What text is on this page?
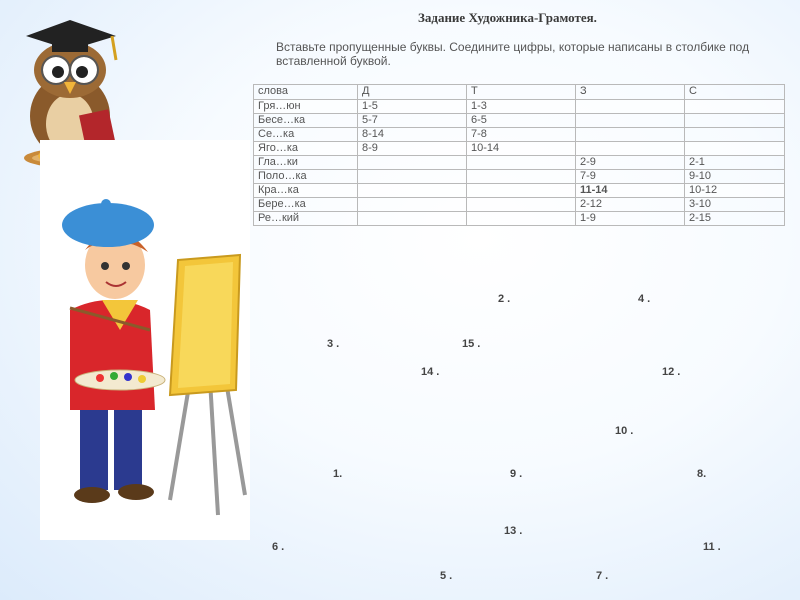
Задание Художника-Грамотея.

Вставьте пропущенные буквы. Соедините цифры, которые написаны в столбике под вставленной буквой.

слова	Д	Т	З	С
Гря…юн	1-5	1-3		
Бесе…ка	5-7	6-5		
Се…ка	8-14	7-8		
Яго…ка	8-9	10-14		
Гла…ки			2-9	2-1
Поло…ка			7-9	9-10
Кра…ка			11-14	10-12
Бере…ка			2-12	3-10
Ре…кий			1-9	2-15
2 .	4 .
3 .	15 .
14 .	12 .
10 .
1.	9 .	8.
13 .
6 .	11 .
5 .	7 .
